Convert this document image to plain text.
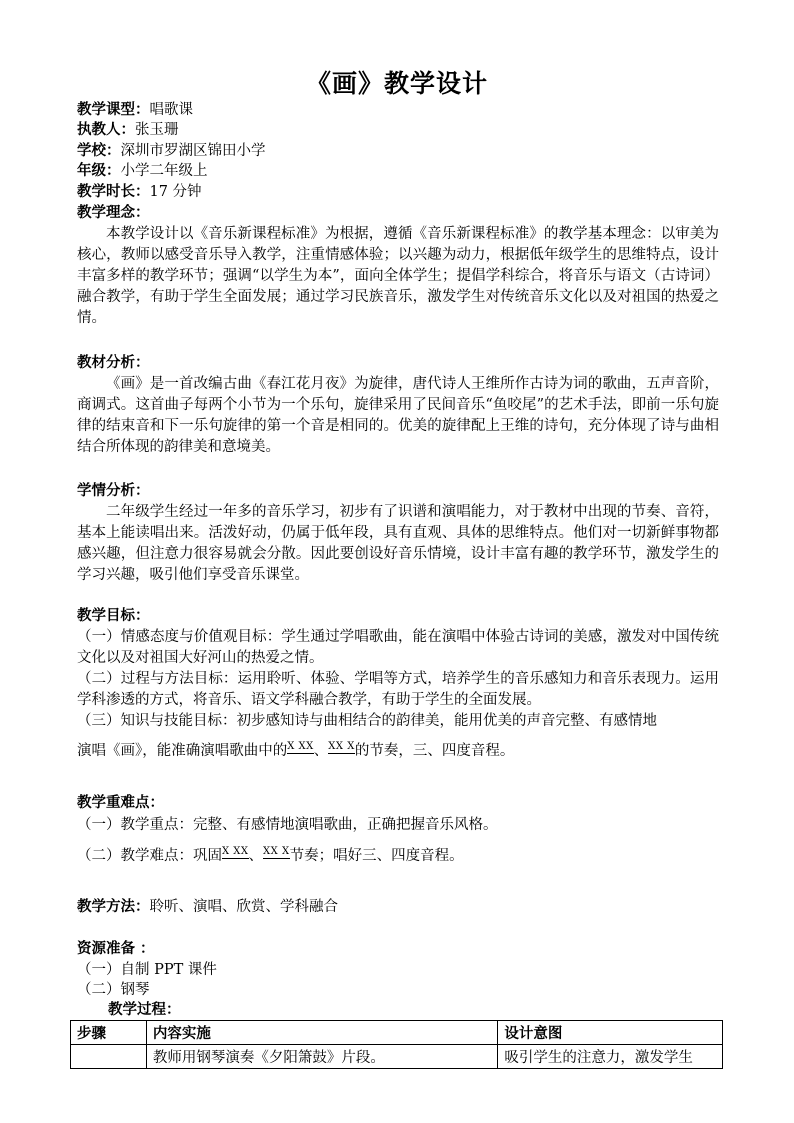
《画》教学设计
教学课型：唱歌课
执教人：张玉珊
学校：深圳市罗湖区锦田小学
年级：小学二年级上
教学时长：17 分钟
教学理念：
本教学设计以《音乐新课程标准》为根据，遵循《音乐新课程标准》的教学基本理念：以审美为核心，教师以感受音乐导入教学，注重情感体验；以兴趣为动力，根据低年级学生的思维特点，设计丰富多样的教学环节；强调“以学生为本”，面向全体学生；提倡学科综合，将音乐与语文（古诗词）融合教学，有助于学生全面发展；通过学习民族音乐，激发学生对传统音乐文化以及对祖国的热爱之情。
教材分析：
《画》是一首改编古曲《春江花月夜》为旋律，唐代诗人王维所作古诗为词的歌曲，五声音阶，商调式。这首曲子每两个小节为一个乐句，旋律采用了民间音乐“鱼咬尾”的艺术手法，即前一乐句旋律的结束音和下一乐句旋律的第一个音是相同的。优美的旋律配上王维的诗句，充分体现了诗与曲相结合所体现的韵律美和意境美。
学情分析：
二年级学生经过一年多的音乐学习，初步有了识谱和演唱能力，对于教材中出现的节奏、音符，基本上能读唱出来。活泼好动，仍属于低年段，具有直观、具体的思维特点。他们对一切新鲜事物都感兴趣，但注意力很容易就会分散。因此要创设好音乐情境，设计丰富有趣的教学环节，激发学生的学习兴趣，吸引他们享受音乐课堂。
教学目标：
（一）情感态度与价值观目标：学生通过学唱歌曲，能在演唱中体验古诗词的美感，激发对中国传统文化以及对祖国大好河山的热爱之情。
（二）过程与方法目标：运用聆听、体验、学唱等方式，培养学生的音乐感知力和音乐表现力。运用学科渗透的方式，将音乐、语文学科融合教学，有助于学生的全面发展。
（三）知识与技能目标：初步感知诗与曲相结合的韵律美，能用优美的声音完整、有感情地
演唱《画》，能准确演唱歌曲中的X XX
、XX X
的节奏，三、四度音程。
教学重难点：
（一）教学重点：完整、有感情地演唱歌曲，正确把握音乐风格。
（二）教学难点：巩固X XX
、XX X
节奏；唱好三、四度音程。
教学方法：聆听、演唱、欣赏、学科融合
资源准备 ：
（一）自制 PPT 课件
（二）钢琴
教学过程：
步骤	内容实施	设计意图
	教师用钢琴演奏《夕阳箫鼓》片段。	吸引学生的注意力，激发学生
